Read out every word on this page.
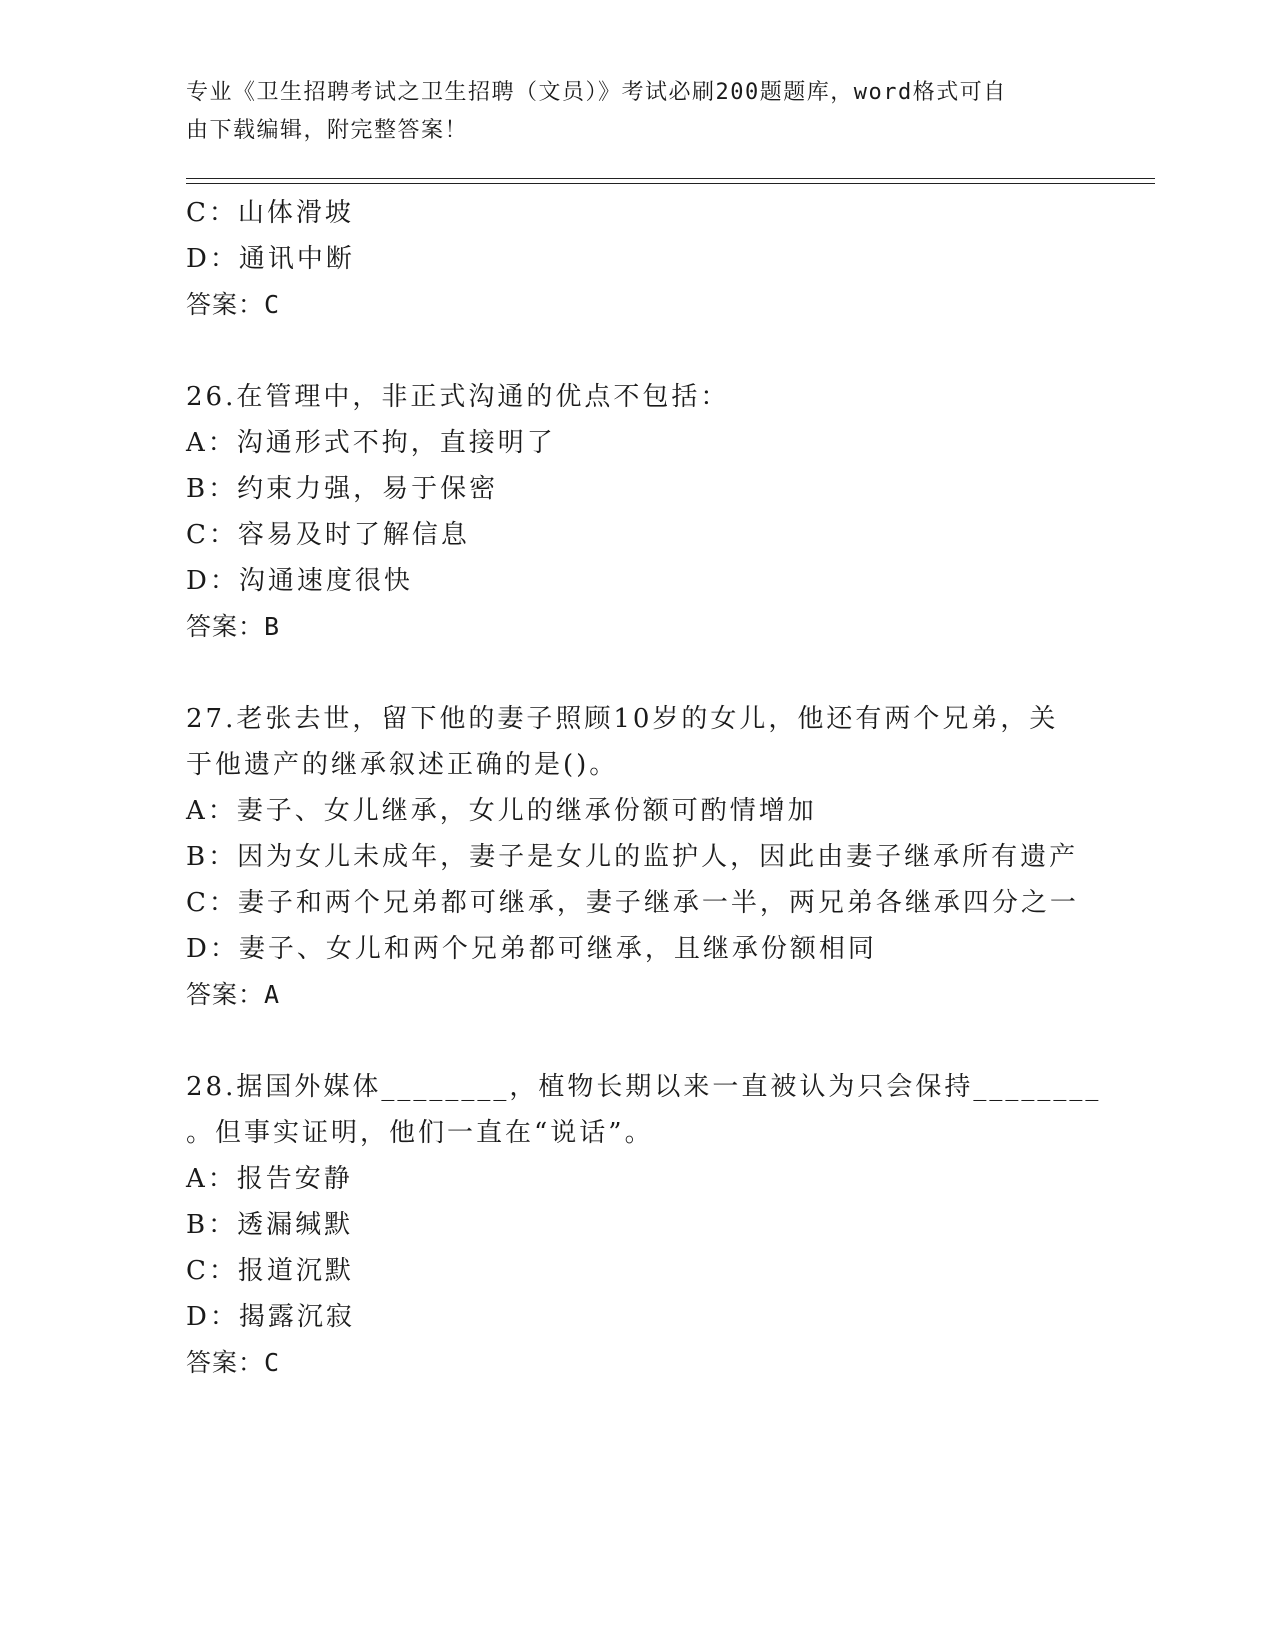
专业《卫生招聘考试之卫生招聘（文员）》考试必刷200题题库，word格式可自
由下载编辑，附完整答案！
C：山体滑坡
D：通讯中断
答案：C
26.在管理中，非正式沟通的优点不包括：
A：沟通形式不拘，直接明了
B：约束力强，易于保密
C：容易及时了解信息
D：沟通速度很快
答案：B
27.老张去世，留下他的妻子照顾10岁的女儿，他还有两个兄弟，关
于他遗产的继承叙述正确的是()。
A：妻子、女儿继承，女儿的继承份额可酌情增加
B：因为女儿未成年，妻子是女儿的监护人，因此由妻子继承所有遗产
C：妻子和两个兄弟都可继承，妻子继承一半，两兄弟各继承四分之一
D：妻子、女儿和两个兄弟都可继承，且继承份额相同
答案：A
28.据国外媒体________，植物长期以来一直被认为只会保持________
。但事实证明，他们一直在“说话”。
A：报告安静
B：透漏缄默
C：报道沉默
D：揭露沉寂
答案：C
